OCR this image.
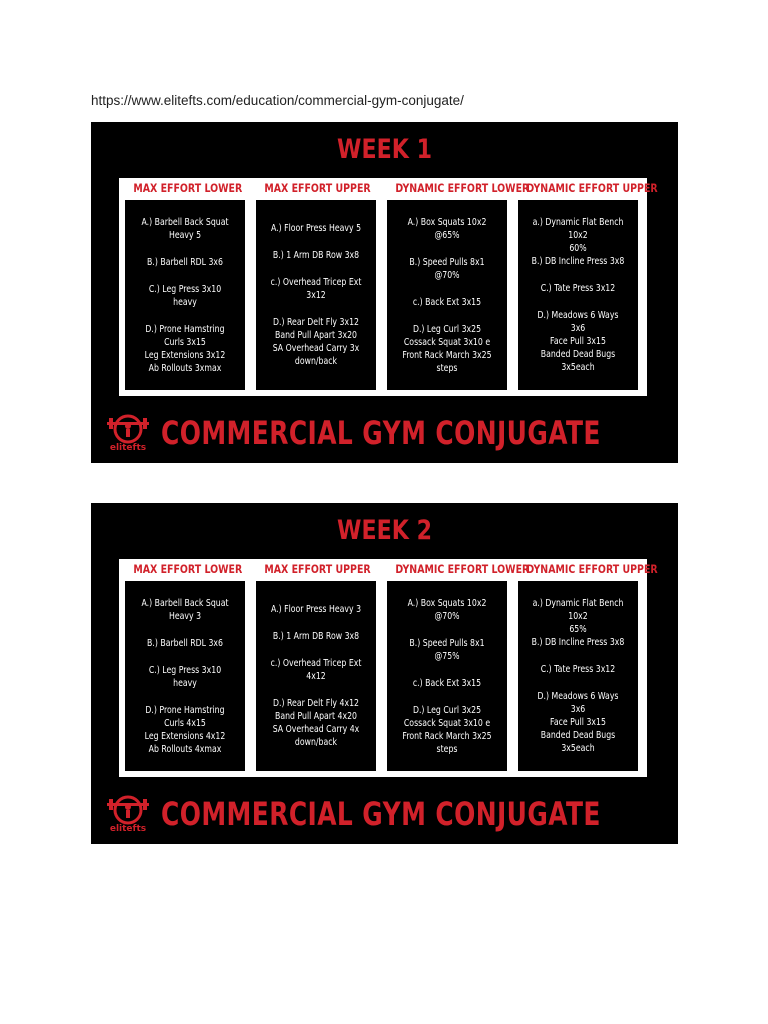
https://www.elitefts.com/education/commercial-gym-conjugate/
WEEK 1
MAX EFFORT LOWER
A.) Barbell Back Squat Heavy 5
B.) Barbell RDL 3x6
C.) Leg Press 3x10 heavy
D.) Prone Hamstring Curls 3x15
Leg Extensions 3x12
Ab Rollouts 3xmax
MAX EFFORT UPPER
A.) Floor Press Heavy 5
B.) 1 Arm DB Row 3x8
c.) Overhead Tricep Ext 3x12
D.) Rear Delt Fly 3x12
Band Pull Apart 3x20
SA Overhead Carry 3x
down/back
DYNAMIC EFFORT LOWER
A.) Box Squats 10x2 @65%
B.) Speed Pulls 8x1 @70%
c.) Back Ext 3x15
D.) Leg Curl 3x25
Cossack Squat 3x10 e
Front Rack March 3x25 steps
DYNAMIC EFFORT UPPER
a.) Dynamic Flat Bench 10x2
60%
B.) DB Incline Press 3x8
C.) Tate Press 3x12
D.) Meadows 6 Ways 3x6
Face Pull 3x15
Banded Dead Bugs 3x5each
elitefts COMMERCIAL GYM CONJUGATE
WEEK 2
MAX EFFORT LOWER
A.) Barbell Back Squat Heavy 3
B.) Barbell RDL 3x6
C.) Leg Press 3x10 heavy
D.) Prone Hamstring Curls 4x15
Leg Extensions 4x12
Ab Rollouts 4xmax
MAX EFFORT UPPER
A.) Floor Press Heavy 3
B.) 1 Arm DB Row 3x8
c.) Overhead Tricep Ext 4x12
D.) Rear Delt Fly 4x12
Band Pull Apart 4x20
SA Overhead Carry 4x
down/back
DYNAMIC EFFORT LOWER
A.) Box Squats 10x2 @70%
B.) Speed Pulls 8x1 @75%
c.) Back Ext 3x15
D.) Leg Curl 3x25
Cossack Squat 3x10 e
Front Rack March 3x25 steps
DYNAMIC EFFORT UPPER
a.) Dynamic Flat Bench 10x2
65%
B.) DB Incline Press 3x8
C.) Tate Press 3x12
D.) Meadows 6 Ways 3x6
Face Pull 3x15
Banded Dead Bugs 3x5each
elitefts COMMERCIAL GYM CONJUGATE
